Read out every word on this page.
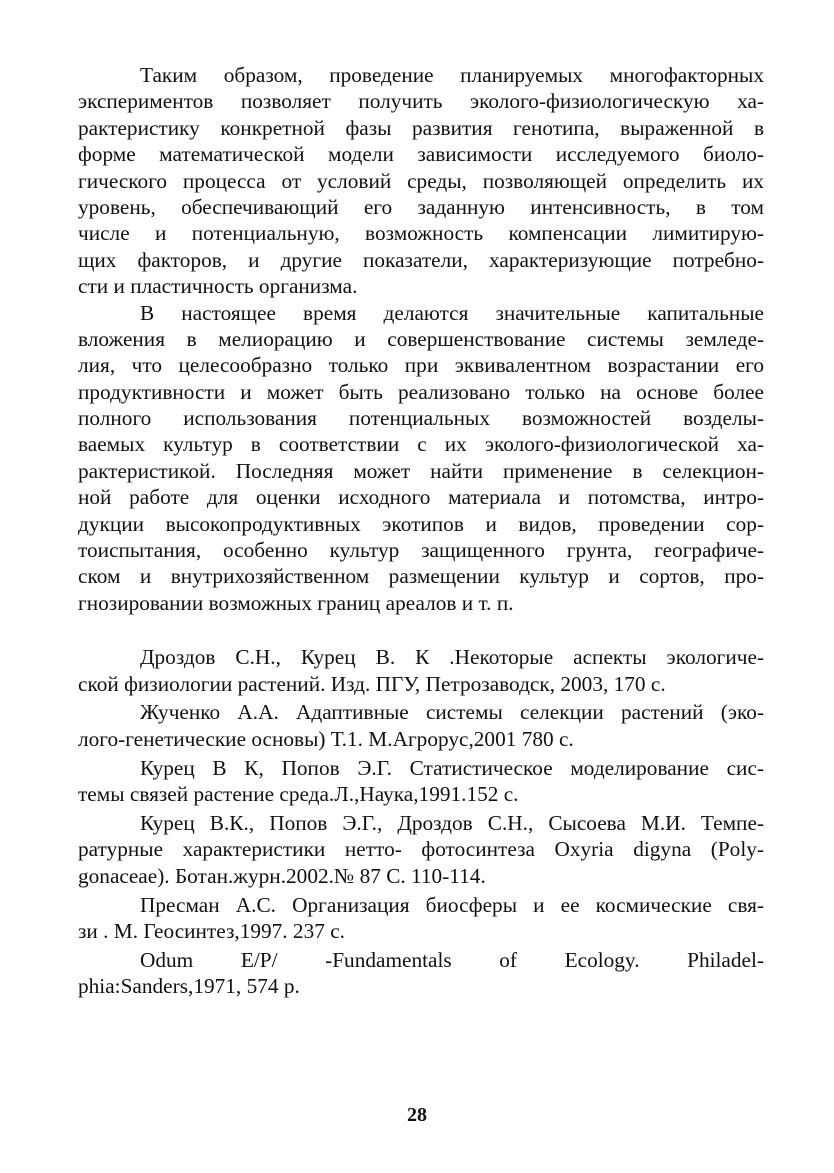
Таким образом, проведение планируемых многофакторных
экспериментов позволяет получить эколого-физиологическую ха-
рактеристику конкретной фазы развития генотипа, выраженной в
форме математической модели зависимости исследуемого биоло-
гического процесса от условий среды, позволяющей определить их
уровень, обеспечивающий его заданную интенсивность, в том
числе и потенциальную, возможность компенсации лимитирую-
щих факторов, и другие показатели, характеризующие потребно-
сти и пластичность организма.

В настоящее время делаются значительные капитальные
вложения в мелиорацию и совершенствование системы земледе-
лия, что целесообразно только при эквивалентном возрастании его
продуктивности и может быть реализовано только на основе более
полного использования потенциальных возможностей возделы-
ваемых культур в соответствии с их эколого-физиологической ха-
рактеристикой. Последняя может найти применение в селекцион-
ной работе для оценки исходного материала и потомства, интро-
дукции высокопродуктивных экотипов и видов, проведении сор-
тоиспытания, особенно культур защищенного грунта, географиче-
ском и внутрихозяйственном размещении культур и сортов, про-
гнозировании возможных границ ареалов и т. п.

Дроздов С.Н., Курец В. К .Некоторые аспекты экологиче-
ской физиологии растений. Изд. ПГУ, Петрозаводск, 2003, 170 с.
Жученко А.А. Адаптивные системы селекции растений (эко-
лого-генетические основы) Т.1. М.Агрорус,2001 780 с.
Курец В К, Попов Э.Г. Статистическое моделирование сис-
темы связей растение среда.Л.,Наука,1991.152 с.
Курец В.К., Попов Э.Г., Дроздов С.Н., Сысоева М.И. Темпе-
ратурные характеристики нетто- фотосинтеза Oxyria digyna (Poly-
gonaceae). Ботан.журн.2002.№ 87 С. 110-114.
Пресман А.С. Организация биосферы и ее космические свя-
зи . М. Геосинтез,1997. 237 с.
Odum E/P/ -Fundamentals of Ecology. Philadel-
phia:Sanders,1971, 574 p.
28
